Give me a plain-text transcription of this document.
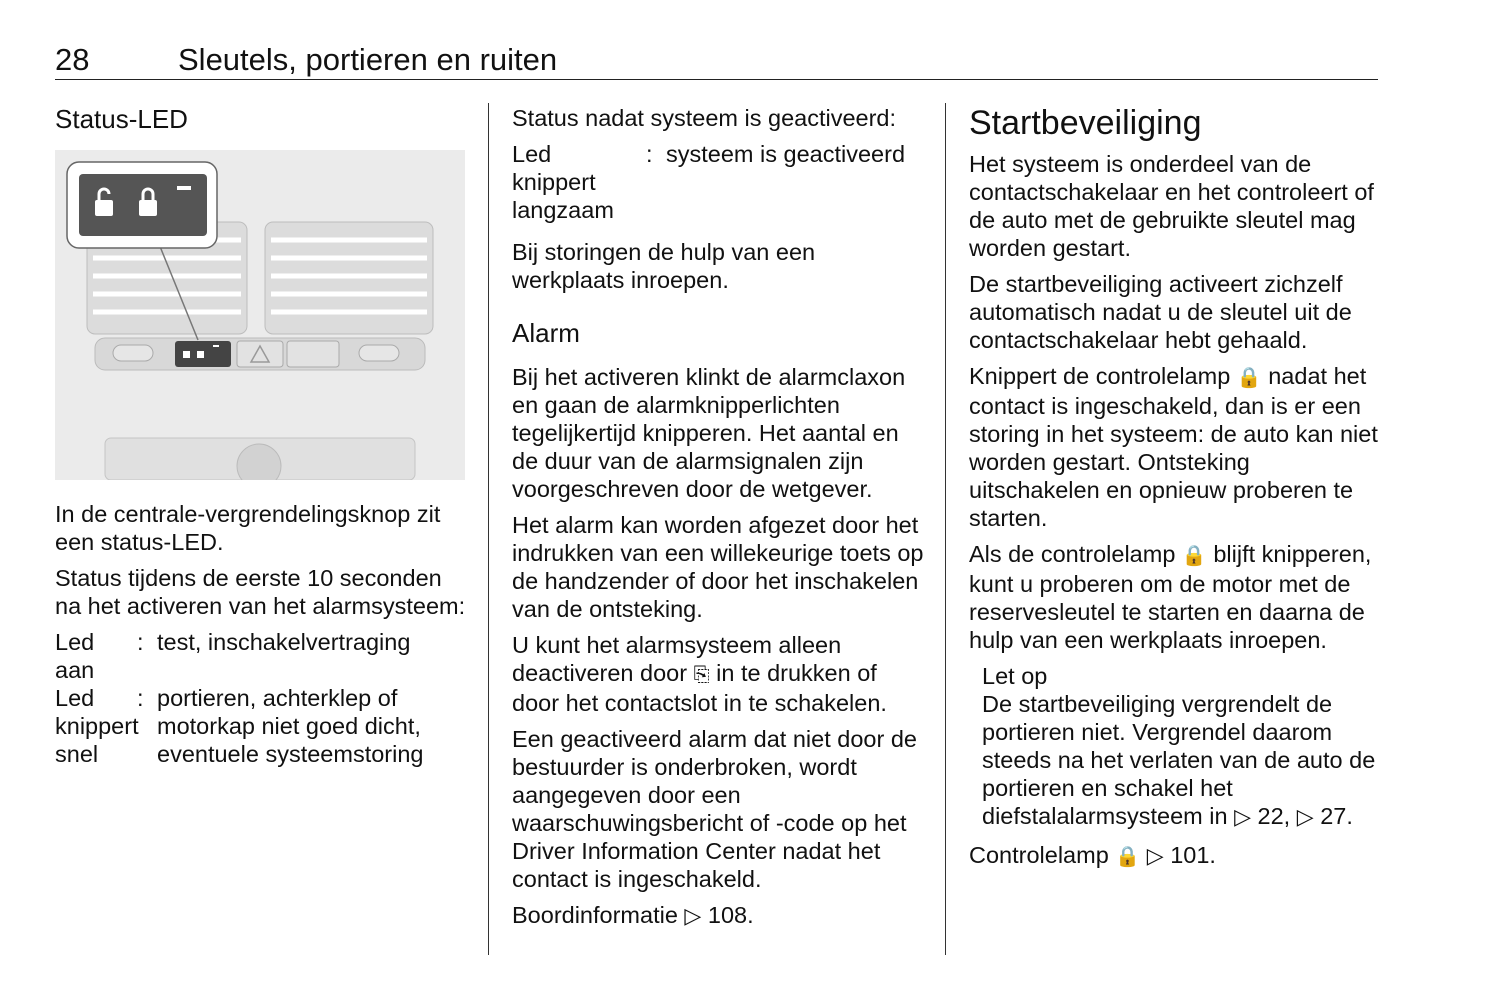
28	Sleutels, portieren en ruiten
Status-LED

In de centrale-vergrendelingsknop zit een status-LED.

Status tijdens de eerste 10 seconden na het activeren van het alarmsysteem:

Led aan
: test, inschakelvertraging
Led knippert snel
: portieren, achterklep of motorkap niet goed dicht, eventuele systeemstoring

Status nadat systeem is geactiveerd:

Led knippert langzaam
: systeem is geactiveerd

Bij storingen de hulp van een werkplaats inroepen.

Alarm

Bij het activeren klinkt de alarmclaxon en gaan de alarmknipperlichten tegelijkertijd knipperen. Het aantal en de duur van de alarmsignalen zijn voorgeschreven door de wetgever.

Het alarm kan worden afgezet door het indrukken van een willekeurige toets op de handzender of door het inschakelen van de ontsteking.

U kunt het alarmsysteem alleen deactiveren door ⎘ in te drukken of door het contactslot in te schakelen.

Een geactiveerd alarm dat niet door de bestuurder is onderbroken, wordt aangegeven door een waarschuwingsbericht of -code op het Driver Information Center nadat het contact is ingeschakeld.

Boordinformatie ▷ 108.

Startbeveiliging

Het systeem is onderdeel van de contactschakelaar en het controleert of de auto met de gebruikte sleutel mag worden gestart.

De startbeveiliging activeert zichzelf automatisch nadat u de sleutel uit de contactschakelaar hebt gehaald.

Knippert de controlelamp 🔒 nadat het contact is ingeschakeld, dan is er een storing in het systeem: de auto kan niet worden gestart. Ontsteking uitschakelen en opnieuw proberen te starten.

Als de controlelamp 🔒 blijft knipperen, kunt u proberen om de motor met de reservesleutel te starten en daarna de hulp van een werkplaats inroepen.

Let op

De startbeveiliging vergrendelt de portieren niet. Vergrendel daarom steeds na het verlaten van de auto de portieren en schakel het diefstalalarmsysteem in ▷ 22, ▷ 27.

Controlelamp 🔒 ▷ 101.
